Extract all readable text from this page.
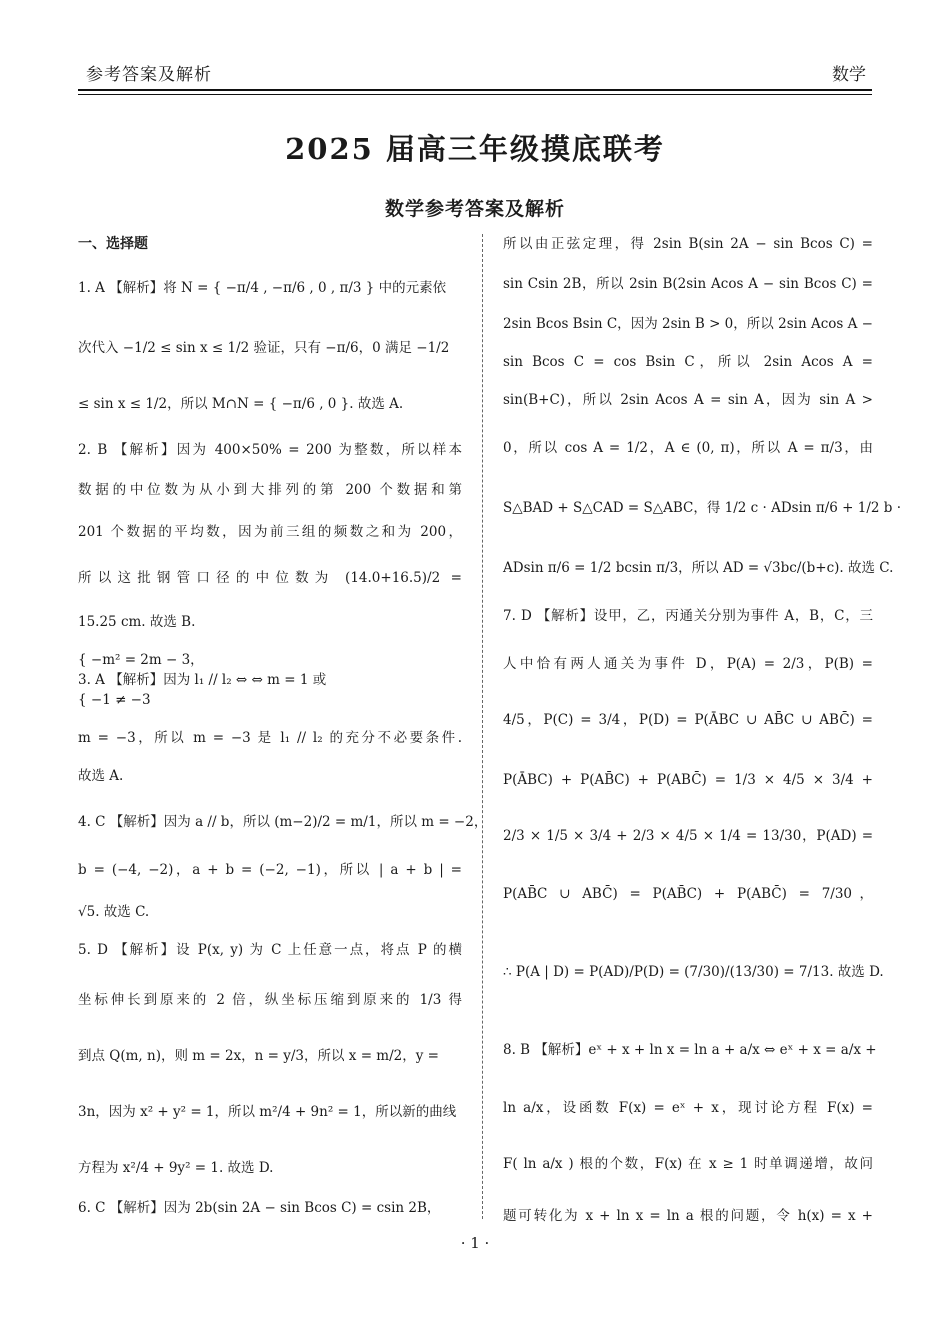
参考答案及解析	数学
2025 届高三年级摸底联考
数学参考答案及解析
一、选择题
1. A 【解析】将 N = { −π/4 , −π/6 , 0 , π/3 } 中的元素依
次代入 −1/2 ≤ sin x ≤ 1/2 验证，只有 −π/6，0 满足 −1/2
≤ sin x ≤ 1/2，所以 M∩N = { −π/6 , 0 }. 故选 A.
2. B 【解析】因为 400×50% = 200 为整数，所以样本
数据的中位数为从小到大排列的第 200 个数据和第
201 个数据的平均数，因为前三组的频数之和为 200，
所以这批钢管口径的中位数为 (14.0+16.5)/2 =
15.25 cm. 故选 B.
{ −m² = 2m − 3，
3. A 【解析】因为 l₁ // l₂ ⇔ ⇔ m = 1 或
{ −1 ≠ −3
m = −3，所以 m = −3 是 l₁ // l₂ 的充分不必要条件.
故选 A.
4. C 【解析】因为 a // b，所以 (m−2)/2 = m/1，所以 m = −2，
b = (−4, −2)，a + b = (−2, −1)，所以 | a + b | =
√5. 故选 C.
5. D 【解析】设 P(x, y) 为 C 上任意一点，将点 P 的横
坐标伸长到原来的 2 倍，纵坐标压缩到原来的 1/3 得
到点 Q(m, n)，则 m = 2x，n = y/3，所以 x = m/2，y =
3n，因为 x² + y² = 1，所以 m²/4 + 9n² = 1，所以新的曲线
方程为 x²/4 + 9y² = 1. 故选 D.
6. C 【解析】因为 2b(sin 2A − sin Bcos C) = csin 2B，
所以由正弦定理，得 2sin B(sin 2A − sin Bcos C) =
sin Csin 2B，所以 2sin B(2sin Acos A − sin Bcos C) =
2sin Bcos Bsin C，因为 2sin B > 0，所以 2sin Acos A −
sin Bcos C = cos Bsin C，所以 2sin Acos A =
sin(B+C)，所以 2sin Acos A = sin A，因为 sin A >
0，所以 cos A = 1/2，A ∈ (0, π)，所以 A = π/3，由
S△BAD + S△CAD = S△ABC，得 1/2 c · ADsin π/6 + 1/2 b ·
ADsin π/6 = 1/2 bcsin π/3，所以 AD = √3bc/(b+c). 故选 C.
7. D 【解析】设甲，乙，丙通关分别为事件 A，B，C，三
人中恰有两人通关为事件 D，P(A) = 2/3，P(B) =
4/5，P(C) = 3/4，P(D) = P(ĀBC ∪ AB̄C ∪ ABC̄) =
P(ĀBC) + P(AB̄C) + P(ABC̄) = 1/3 × 4/5 × 3/4 +
2/3 × 1/5 × 3/4 + 2/3 × 4/5 × 1/4 = 13/30，P(AD) =
P(AB̄C ∪ ABC̄) = P(AB̄C) + P(ABC̄) = 7/30，
∴ P(A | D) = P(AD)/P(D) = (7/30)/(13/30) = 7/13. 故选 D.
8. B 【解析】eˣ + x + ln x = ln a + a/x ⇔ eˣ + x = a/x +
ln a/x，设函数 F(x) = eˣ + x，现讨论方程 F(x) =
F( ln a/x ) 根的个数，F(x) 在 x ≥ 1 时单调递增，故问
题可转化为 x + ln x = ln a 根的问题，令 h(x) = x +
· 1 ·
